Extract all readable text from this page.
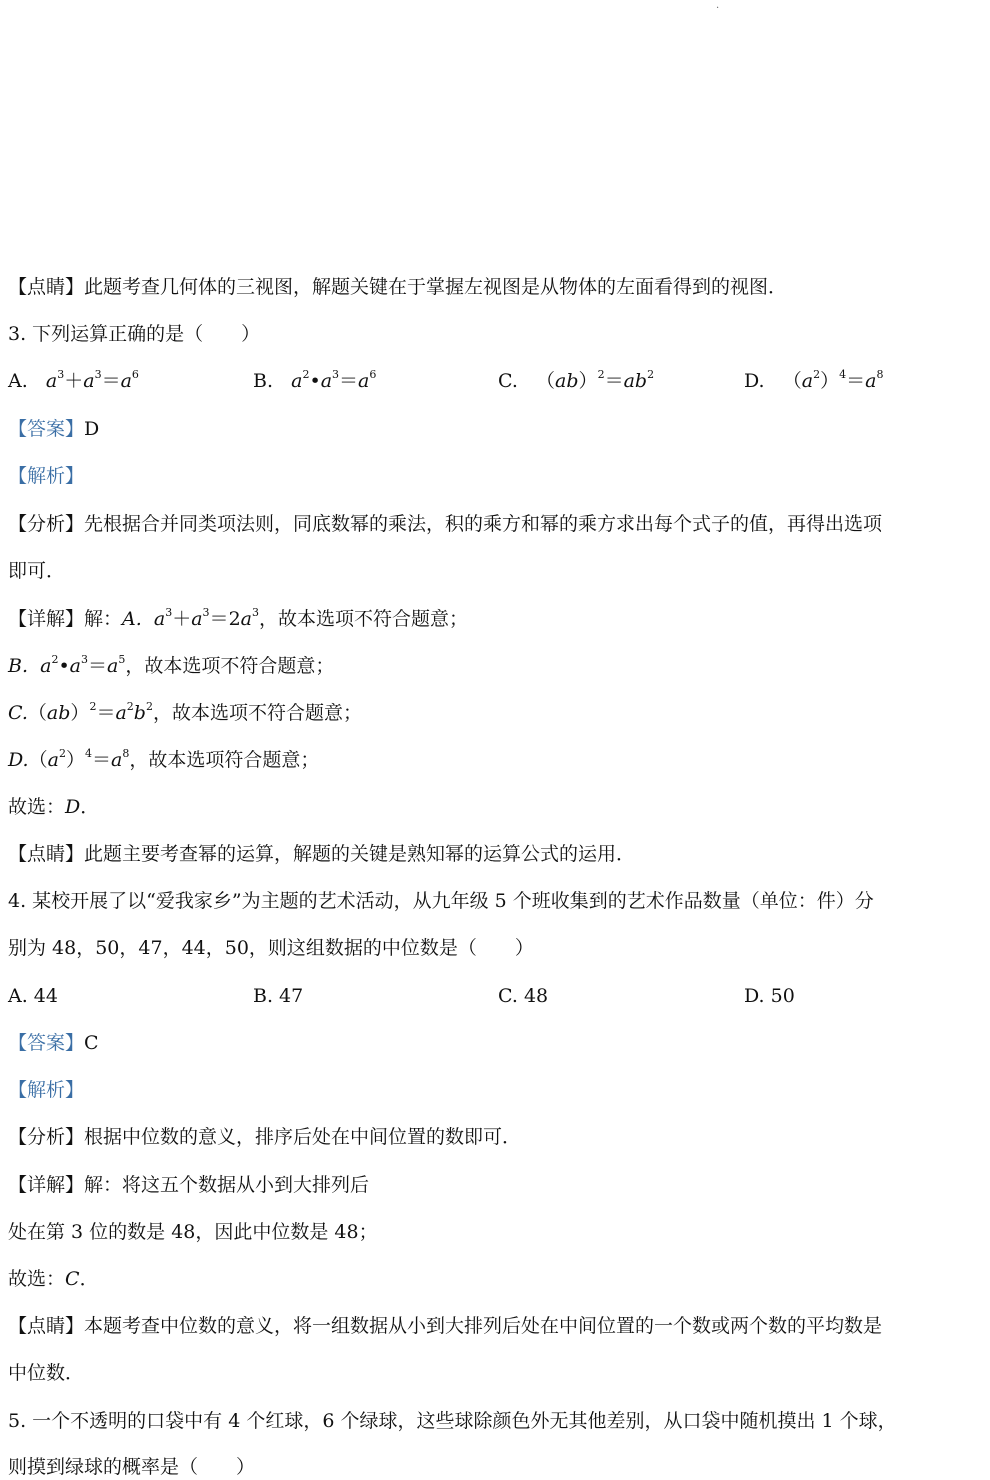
.
【点睛】此题考查几何体的三视图，解题关键在于掌握左视图是从物体的左面看得到的视图．
3. 下列运算正确的是（　　）
A. $a^3+a^3=a^6$	B. $a^2•a^3=a^6$	C. $(ab)^2=ab^2$	D. $(a^2)^4=a^8$
【答案】D
【解析】
【分析】先根据合并同类项法则，同底数幂的乘法，积的乘方和幂的乘方求出每个式子的值，再得出选项
即可．
【详解】解：A. $a^3+a^3=2a^3$，故本选项不符合题意；
B. $a^2•a^3=a^5$，故本选项不符合题意；
$C.(ab)^2=a^2b^2$，故本选项不符合题意；
$D.(a^2)^4=a^8$，故本选项符合题意；
故选：D．
【点睛】此题主要考查幂的运算，解题的关键是熟知幂的运算公式的运用．
4. 某校开展了以“爱我家乡”为主题的艺术活动，从九年级 5 个班收集到的艺术作品数量（单位：件）分
别为 48，50，47，44，50，则这组数据的中位数是（　　）
A. 44	B. 47	C. 48	D. 50
【答案】C
【解析】
【分析】根据中位数的意义，排序后处在中间位置的数即可．
【详解】解：将这五个数据从小到大排列后
处在第 3 位的数是 48，因此中位数是 48；
故选：C．
【点睛】本题考查中位数的意义，将一组数据从小到大排列后处在中间位置的一个数或两个数的平均数是
中位数．
5. 一个不透明的口袋中有 4 个红球，6 个绿球，这些球除颜色外无其他差别，从口袋中随机摸出 1 个球，
则摸到绿球的概率是（　　）
